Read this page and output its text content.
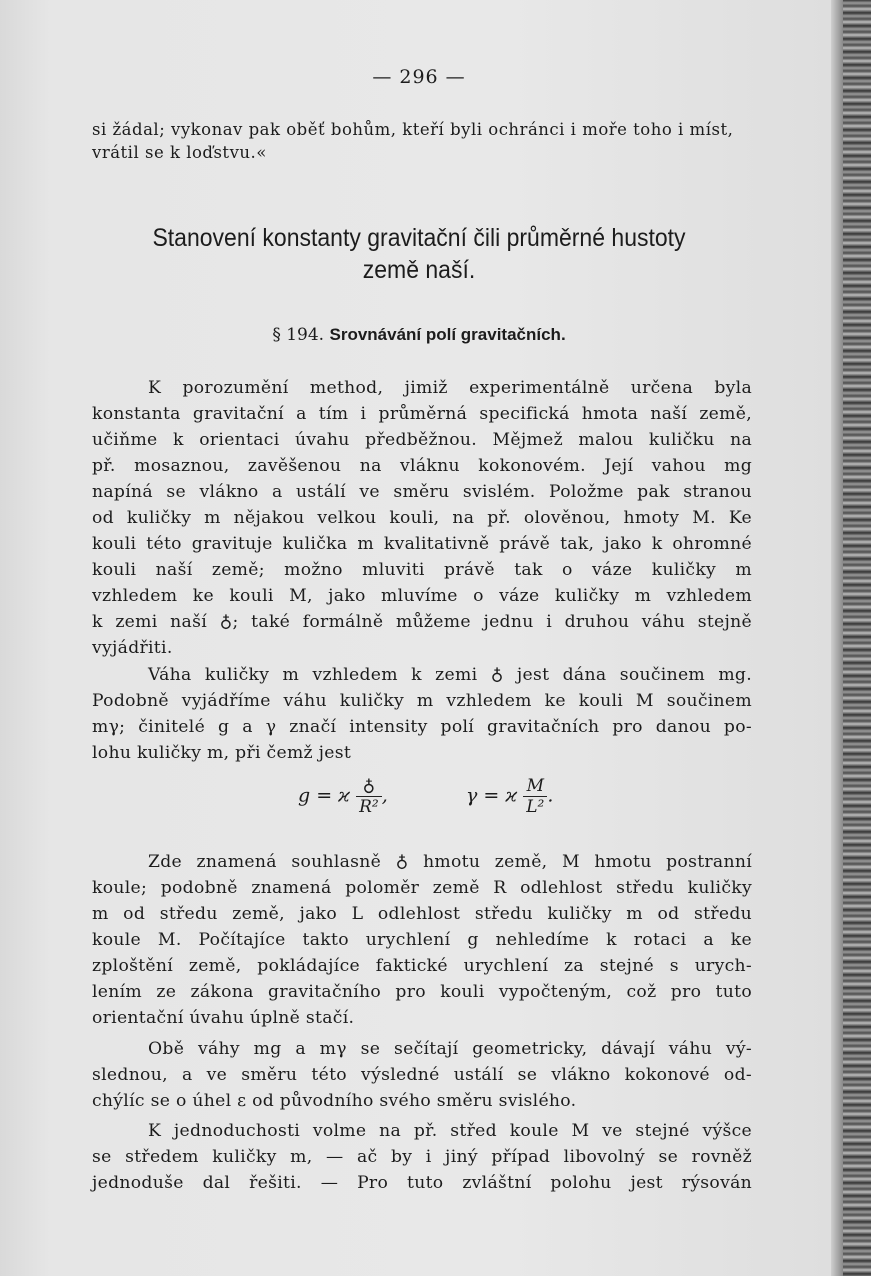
— 296 —
si žádal; vykonav pak oběť bohům, kteří byli ochránci i moře toho i míst,
vrátil se k loďstvu.«
Stanovení konstanty gravitační čili průměrné hustoty
země naší.
§ 194. Srovnávání polí gravitačních.
K porozumění method, jimiž experimentálně určena byla
konstanta gravitační a tím i průměrná specifická hmota naší země,
učiňme k orientaci úvahu předběžnou. Mějmež malou kuličku na
př. mosaznou, zavěšenou na vláknu kokonovém. Její vahou mg
napíná se vlákno a ustálí ve směru svislém. Položme pak stranou
od kuličky m nějakou velkou kouli, na př. olověnou, hmoty M. Ke
kouli této gravituje kulička m kvalitativně právě tak, jako k ohromné
kouli naší země; možno mluviti právě tak o váze kuličky m
vzhledem ke kouli M, jako mluvíme o váze kuličky m vzhledem
k zemi naší ♁; také formálně můžeme jednu i druhou váhu stejně
vyjádřiti.
Váha kuličky m vzhledem k zemi ♁ jest dána součinem mg.
Podobně vyjádříme váhu kuličky m vzhledem ke kouli M součinem
mγ; činitelé g a γ značí intensity polí gravitačních pro danou po-
lohu kuličky m, při čemž jest
g = ϰ $\frac{♁}{\text{R²}}$ ,	γ = ϰ $\frac{M}{\text{L²}}$ .
Zde znamená souhlasně ♁ hmotu země, M hmotu postranní
koule; podobně znamená poloměr země R odlehlost středu kuličky
m od středu země, jako L odlehlost středu kuličky m od středu
koule M. Počítajíce takto urychlení g nehledíme k rotaci a ke
zploštění země, pokládajíce faktické urychlení za stejné s urych-
lením ze zákona gravitačního pro kouli vypočteným, což pro tuto
orientační úvahu úplně stačí.
Obě váhy mg a mγ se sečítají geometricky, dávají váhu vý-
slednou, a ve směru této výsledné ustálí se vlákno kokonové od-
chýlíc se o úhel ε od původního svého směru svislého.
K jednoduchosti volme na př. střed koule M ve stejné výšce
se středem kuličky m, — ač by i jiný případ libovolný se rovněž
jednoduše dal řešiti. — Pro tuto zvláštní polohu jest rýsován
